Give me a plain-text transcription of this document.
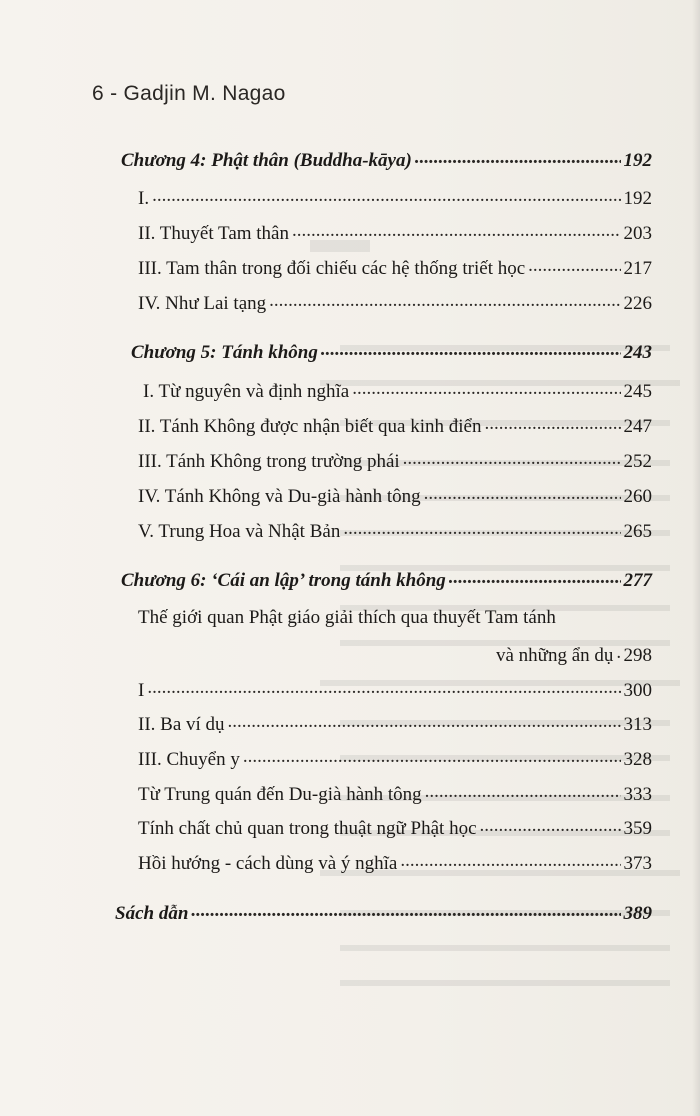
6 - Gadjin M. Nagao
Chương 4: Phật thân (Buddha-kāya) .....	192
I. .....	192
II. Thuyết Tam thân .....	203
III. Tam thân trong đối chiếu các hệ thống triết học .....	217
IV. Như Lai tạng .....	226
Chương 5: Tánh không .....	243
I. Từ nguyên và định nghĩa .....	245
II. Tánh Không được nhận biết qua kinh điển .....	247
III. Tánh Không trong trường phái .....	252
IV. Tánh Không và Du-già hành tông .....	260
V. Trung Hoa và Nhật Bản .....	265
Chương 6: ‘Cái an lập’ trong tánh không .....	277
Thế giới quan Phật giáo giải thích qua thuyết Tam tánh
và những ẩn dụ ..... 298
I .....	300
II. Ba ví dụ .....	313
III. Chuyển y .....	328
Từ Trung quán đến Du-già hành tông .....	333
Tính chất chủ quan trong thuật ngữ Phật học .....	359
Hồi hướng - cách dùng và ý nghĩa .....	373
Sách dẫn .....	389
